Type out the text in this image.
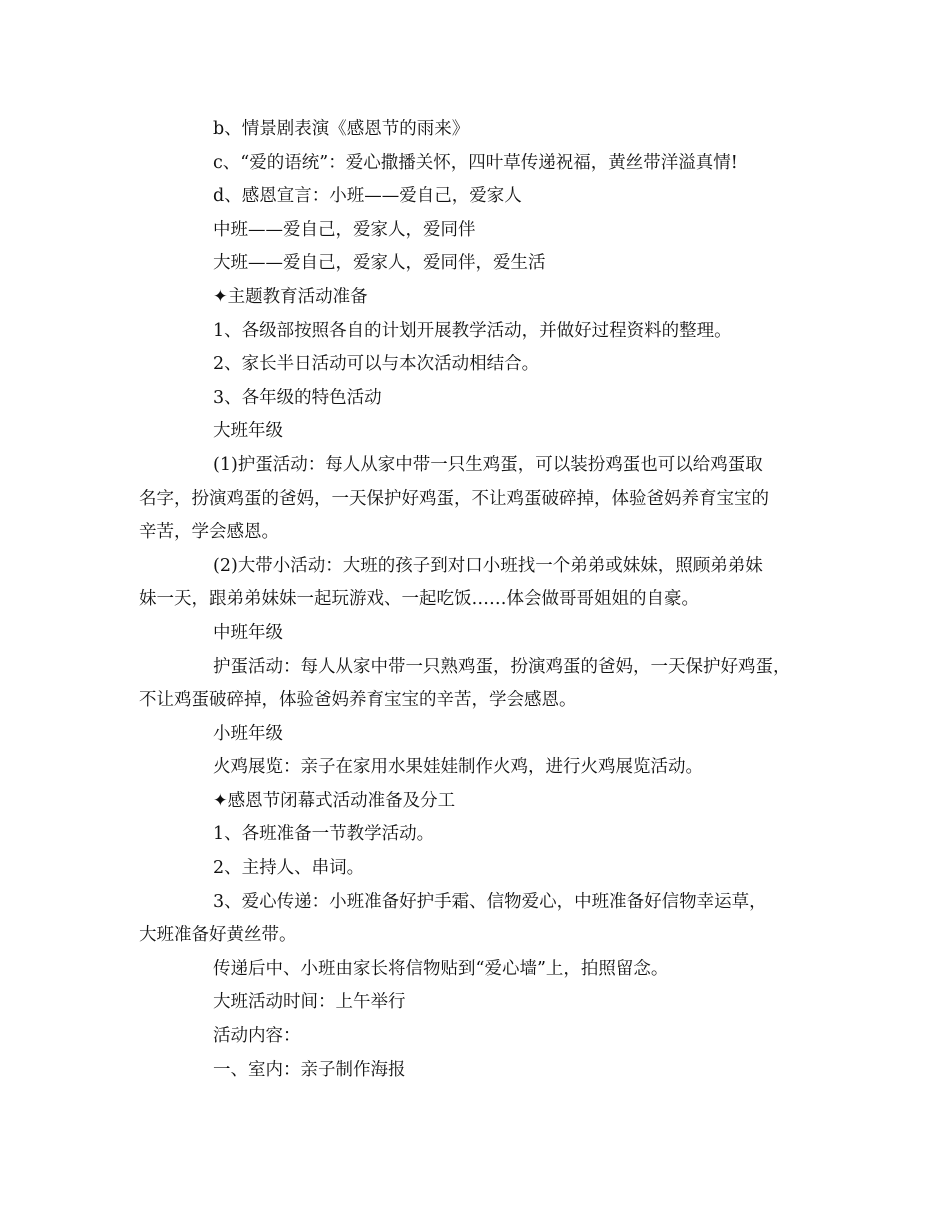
b、情景剧表演《感恩节的雨来》
c、“爱的语统”：爱心撒播关怀，四叶草传递祝福，黄丝带洋溢真情!
d、感恩宣言：小班——爱自己，爱家人
中班——爱自己，爱家人，爱同伴
大班——爱自己，爱家人，爱同伴，爱生活
✦主题教育活动准备
1、各级部按照各自的计划开展教学活动，并做好过程资料的整理。
2、家长半日活动可以与本次活动相结合。
3、各年级的特色活动
大班年级
(1)护蛋活动：每人从家中带一只生鸡蛋，可以装扮鸡蛋也可以给鸡蛋取
名字，扮演鸡蛋的爸妈，一天保护好鸡蛋，不让鸡蛋破碎掉，体验爸妈养育宝宝的
辛苦，学会感恩。
(2)大带小活动：大班的孩子到对口小班找一个弟弟或妹妹，照顾弟弟妹
妹一天，跟弟弟妹妹一起玩游戏、一起吃饭……体会做哥哥姐姐的自豪。
中班年级
护蛋活动：每人从家中带一只熟鸡蛋，扮演鸡蛋的爸妈，一天保护好鸡蛋，
不让鸡蛋破碎掉，体验爸妈养育宝宝的辛苦，学会感恩。
小班年级
火鸡展览：亲子在家用水果娃娃制作火鸡，进行火鸡展览活动。
✦感恩节闭幕式活动准备及分工
1、各班准备一节教学活动。
2、主持人、串词。
3、爱心传递：小班准备好护手霜、信物爱心，中班准备好信物幸运草，
大班准备好黄丝带。
传递后中、小班由家长将信物贴到“爱心墙”上，拍照留念。
大班活动时间：上午举行
活动内容：
一、室内：亲子制作海报
